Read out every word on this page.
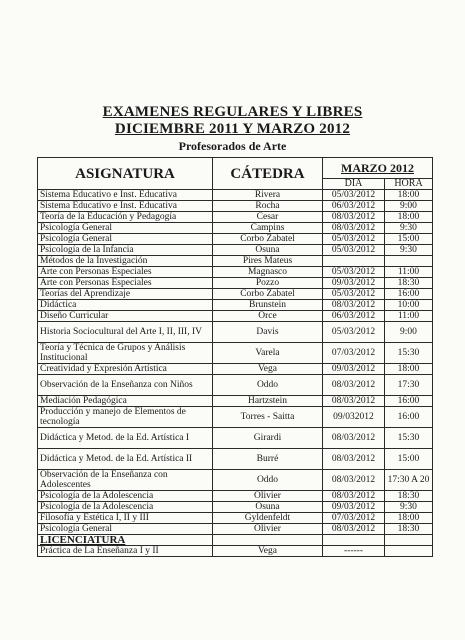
EXAMENES REGULARES Y LIBRES
DICIEMBRE 2011 Y MARZO 2012
Profesorados de Arte
ASIGNATURA	CÁTEDRA	MARZO 2012	
		DIA	HORA
Sistema Educativo e Inst. Educativa	Rivera	05/03/2012	18:00
Sistema Educativo e Inst. Educativa	Rocha	06/03/2012	9:00
Teoría de la Educación y Pedagogía	Cesar	08/03/2012	18:00
Psicología General	Campins	08/03/2012	9:30
Psicología General	Corbo Zabatel	05/03/2012	15:00
Psicología de la Infancia	Osuna	05/03/2012	9:30
Métodos de la Investigación	Pires Mateus		
Arte con Personas Especiales	Magnasco	05/03/2012	11:00
Arte con Personas Especiales	Pozzo	09/03/2012	18:30
Teorías del Aprendizaje	Corbo Zabatel	05/03/2012	16:00
Didáctica	Brunstein	08/03/2012	10:00
Diseño Curricular	Orce	06/03/2012	11:00
Historia Sociocultural del Arte I, II, III, IV	Davis	05/03/2012	9:00
Teoría y Técnica de Grupos y Análisis Institucional	Varela	07/03/2012	15:30
Creatividad y Expresión Artística	Vega	09/03/2012	18:00
Observación de la Enseñanza con Niños	Oddo	08/03/2012	17:30
Mediación Pedagógica	Hartzstein	08/03/2012	16:00
Producción y manejo de Elementos de tecnología	Torres - Saitta	09/032012	16:00
Didáctica y Metod. de la Ed. Artística I	Girardi	08/03/2012	15:30
Didáctica y Metod. de la Ed. Artística II	Burré	08/03/2012	15:00
Observación de la Enseñanza con Adolescentes	Oddo	08/03/2012	17:30 A 20
Psicología de la Adolescencia	Olivier	08/03/2012	18:30
Psicología de la Adolescencia	Osuna	09/03/2012	9:30
Filosofía y Estética I, II y III	Gyldenfeldt	07/03/2012	18:00
Psicología General	Olivier	08/03/2012	18:30
LICENCIATURA			
Práctica de La Enseñanza I y II	Vega	------	
